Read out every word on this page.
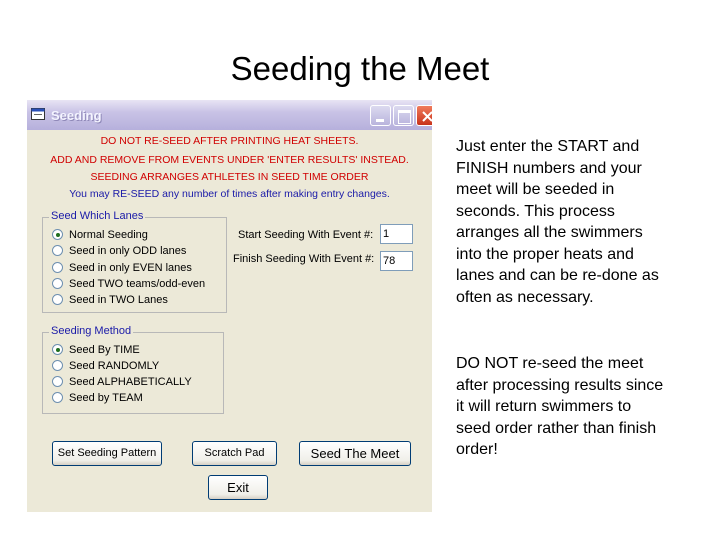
Seeding the Meet
Seeding
DO NOT RE-SEED AFTER PRINTING HEAT SHEETS.
ADD AND REMOVE FROM EVENTS UNDER 'ENTER RESULTS' INSTEAD.
SEEDING ARRANGES ATHLETES IN SEED TIME ORDER
You may RE-SEED any number of times after making entry changes.
Seed Which Lanes
Normal Seeding
Seed in only ODD lanes
Seed in only EVEN lanes
Seed TWO teams/odd-even
Seed in TWO Lanes
Start Seeding With Event #: 1
Finish Seeding With Event #: 78
Seeding Method
Seed By TIME
Seed RANDOMLY
Seed ALPHABETICALLY
Seed by TEAM
Set Seeding Pattern	Scratch Pad	Seed The Meet
Exit
Just enter the START and
FINISH numbers and your
meet will be seeded in
seconds. This process
arranges all the swimmers
into the proper heats and
lanes and can be re-done as
often as necessary.
DO NOT re-seed the meet
after processing results since
it will return swimmers to
seed order rather than finish
order!
